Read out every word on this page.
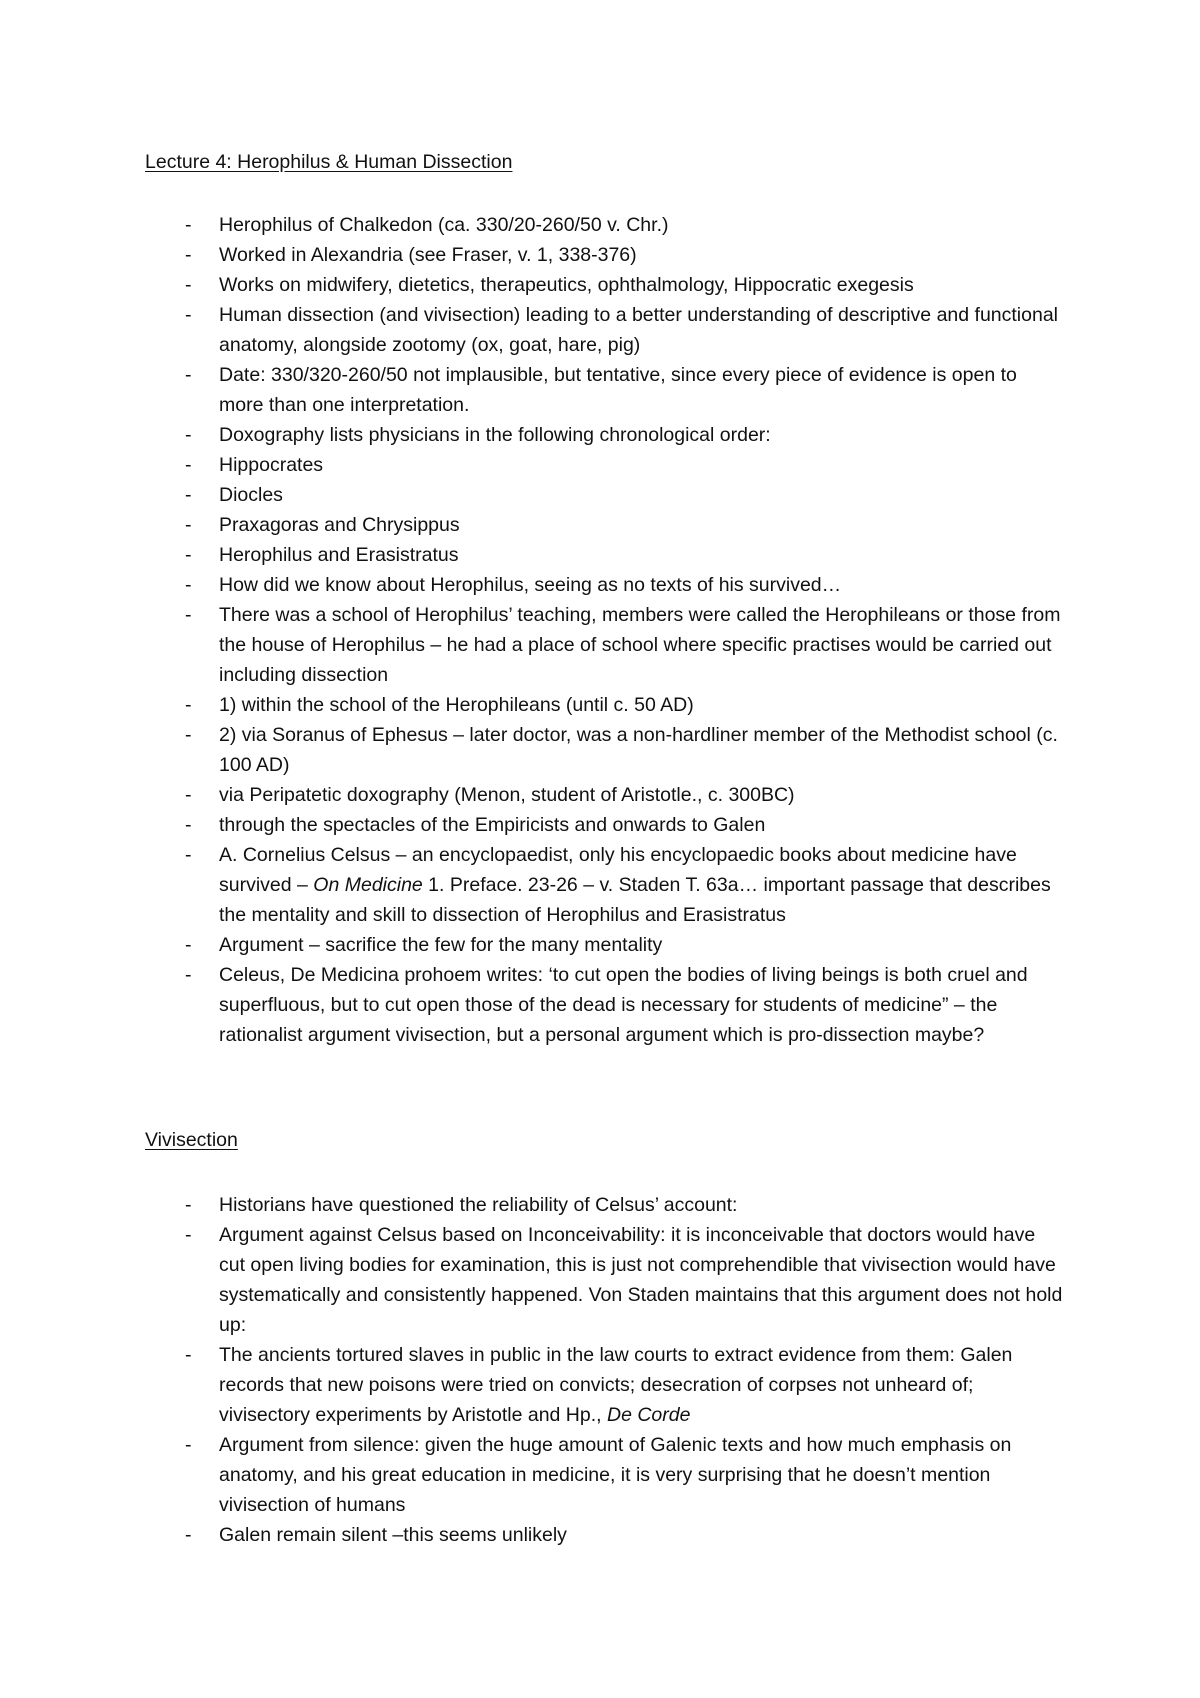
Lecture 4: Herophilus & Human Dissection
- Herophilus of Chalkedon (ca. 330/20-260/50 v. Chr.)
- Worked in Alexandria (see Fraser, v. 1, 338-376)
- Works on midwifery, dietetics, therapeutics, ophthalmology, Hippocratic exegesis
- Human dissection (and vivisection) leading to a better understanding of descriptive and functional anatomy, alongside zootomy (ox, goat, hare, pig)
- Date: 330/320-260/50 not implausible, but tentative, since every piece of evidence is open to more than one interpretation.
- Doxography lists physicians in the following chronological order:
- Hippocrates
- Diocles
- Praxagoras and Chrysippus
- Herophilus and Erasistratus
- How did we know about Herophilus, seeing as no texts of his survived…
- There was a school of Herophilus’ teaching, members were called the Herophileans or those from the house of Herophilus – he had a place of school where specific practises would be carried out including dissection
- 1) within the school of the Herophileans (until c. 50 AD)
- 2) via Soranus of Ephesus – later doctor, was a non-hardliner member of the Methodist school (c. 100 AD)
- via Peripatetic doxography (Menon, student of Aristotle., c. 300BC)
- through the spectacles of the Empiricists and onwards to Galen
- A. Cornelius Celsus – an encyclopaedist, only his encyclopaedic books about medicine have survived – On Medicine 1. Preface. 23-26 – v. Staden T. 63a… important passage that describes the mentality and skill to dissection of Herophilus and Erasistratus
- Argument – sacrifice the few for the many mentality
- Celeus, De Medicina prohoem writes: ‘to cut open the bodies of living beings is both cruel and superfluous, but to cut open those of the dead is necessary for students of medicine” – the rationalist argument vivisection, but a personal argument which is pro-dissection maybe?
Vivisection
- Historians have questioned the reliability of Celsus’ account:
- Argument against Celsus based on Inconceivability: it is inconceivable that doctors would have cut open living bodies for examination, this is just not comprehendible that vivisection would have systematically and consistently happened. Von Staden maintains that this argument does not hold up:
- The ancients tortured slaves in public in the law courts to extract evidence from them: Galen records that new poisons were tried on convicts; desecration of corpses not unheard of; vivisectory experiments by Aristotle and Hp., De Corde
- Argument from silence: given the huge amount of Galenic texts and how much emphasis on anatomy, and his great education in medicine, it is very surprising that he doesn’t mention vivisection of humans
- Galen remain silent –this seems unlikely
